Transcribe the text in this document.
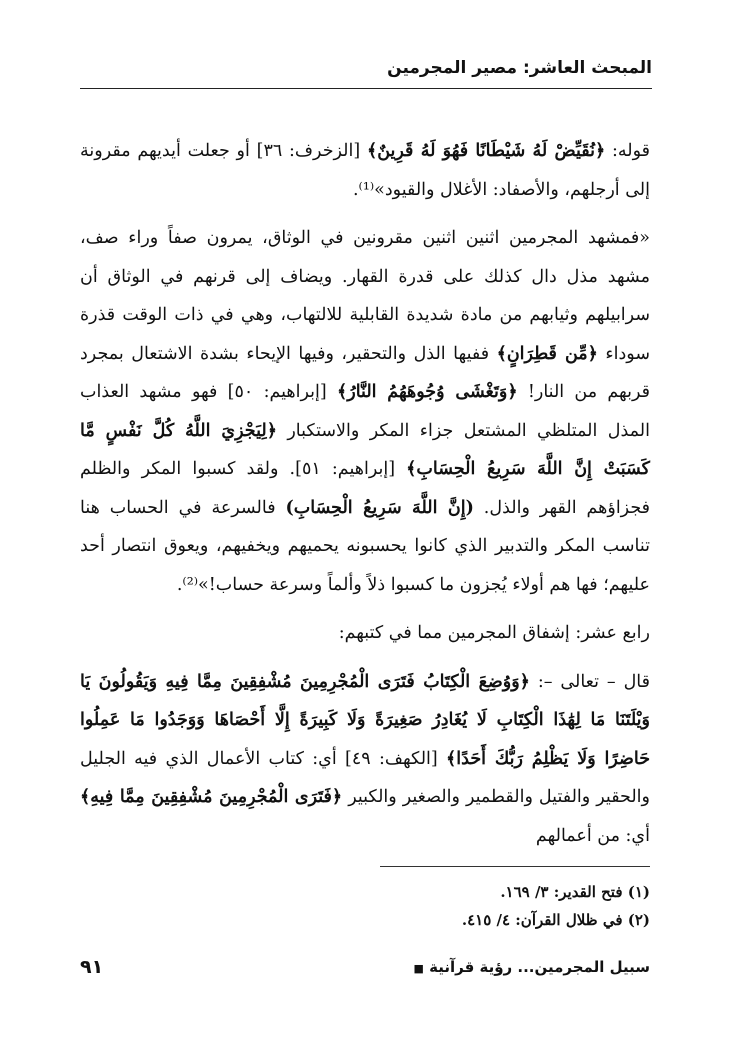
المبحث العاشر: مصير المجرمين

قوله: ﴿نُقَيِّضْ لَهُ شَيْطَانًا فَهُوَ لَهُ قَرِينٌ﴾ [الزخرف: ٣٦] أو جعلت أيديهم مقرونة إلى أرجلهم، والأصفاد: الأغلال والقيود»⁽¹⁾.

«فمشهد المجرمين اثنين اثنين مقرونين في الوثاق، يمرون صفاً وراء صف، مشهد مذل دال كذلك على قدرة القهار. ويضاف إلى قرنهم في الوثاق أن سرابيلهم وثيابهم من مادة شديدة القابلية للالتهاب، وهي في ذات الوقت قذرة سوداء ﴿مِّن قَطِرَانٍ﴾ ففيها الذل والتحقير، وفيها الإيحاء بشدة الاشتعال بمجرد قربهم من النار! ﴿وَتَغْشَى وُجُوهَهُمُ النَّارُ﴾ [إبراهيم: ٥٠] فهو مشهد العذاب المذل المتلظي المشتعل جزاء المكر والاستكبار ﴿لِيَجْزِيَ اللَّهُ كُلَّ نَفْسٍ مَّا كَسَبَتْ إِنَّ اللَّهَ سَرِيعُ الْحِسَابِ﴾ [إبراهيم: ٥١]. ولقد كسبوا المكر والظلم فجزاؤهم القهر والذل. (إِنَّ اللَّهَ سَرِيعُ الْحِسَابِ) فالسرعة في الحساب هنا تناسب المكر والتدبير الذي كانوا يحسبونه يحميهم ويخفيهم، ويعوق انتصار أحد عليهم؛ فها هم أولاء يُجزون ما كسبوا ذلاً وألماً وسرعة حساب!»⁽²⁾.

رابع عشر: إشفاق المجرمين مما في كتبهم:

قال – تعالى –: ﴿وَوُضِعَ الْكِتَابُ فَتَرَى الْمُجْرِمِينَ مُشْفِقِينَ مِمَّا فِيهِ وَيَقُولُونَ يَا وَيْلَتَنَا مَا لِهَٰذَا الْكِتَابِ لَا يُغَادِرُ صَغِيرَةً وَلَا كَبِيرَةً إِلَّا أَحْصَاهَا وَوَجَدُوا مَا عَمِلُوا حَاضِرًا وَلَا يَظْلِمُ رَبُّكَ أَحَدًا﴾ [الكهف: ٤٩] أي: كتاب الأعمال الذي فيه الجليل والحقير والفتيل والقطمير والصغير والكبير ﴿فَتَرَى الْمُجْرِمِينَ مُشْفِقِينَ مِمَّا فِيهِ﴾ أي: من أعمالهم

(١) فتح القدير: ٣/ ١٦٩.
(٢) في ظلال القرآن: ٤/ ٤١٥.
سبيل المجرمين... رؤية قرآنية ■
٩١
